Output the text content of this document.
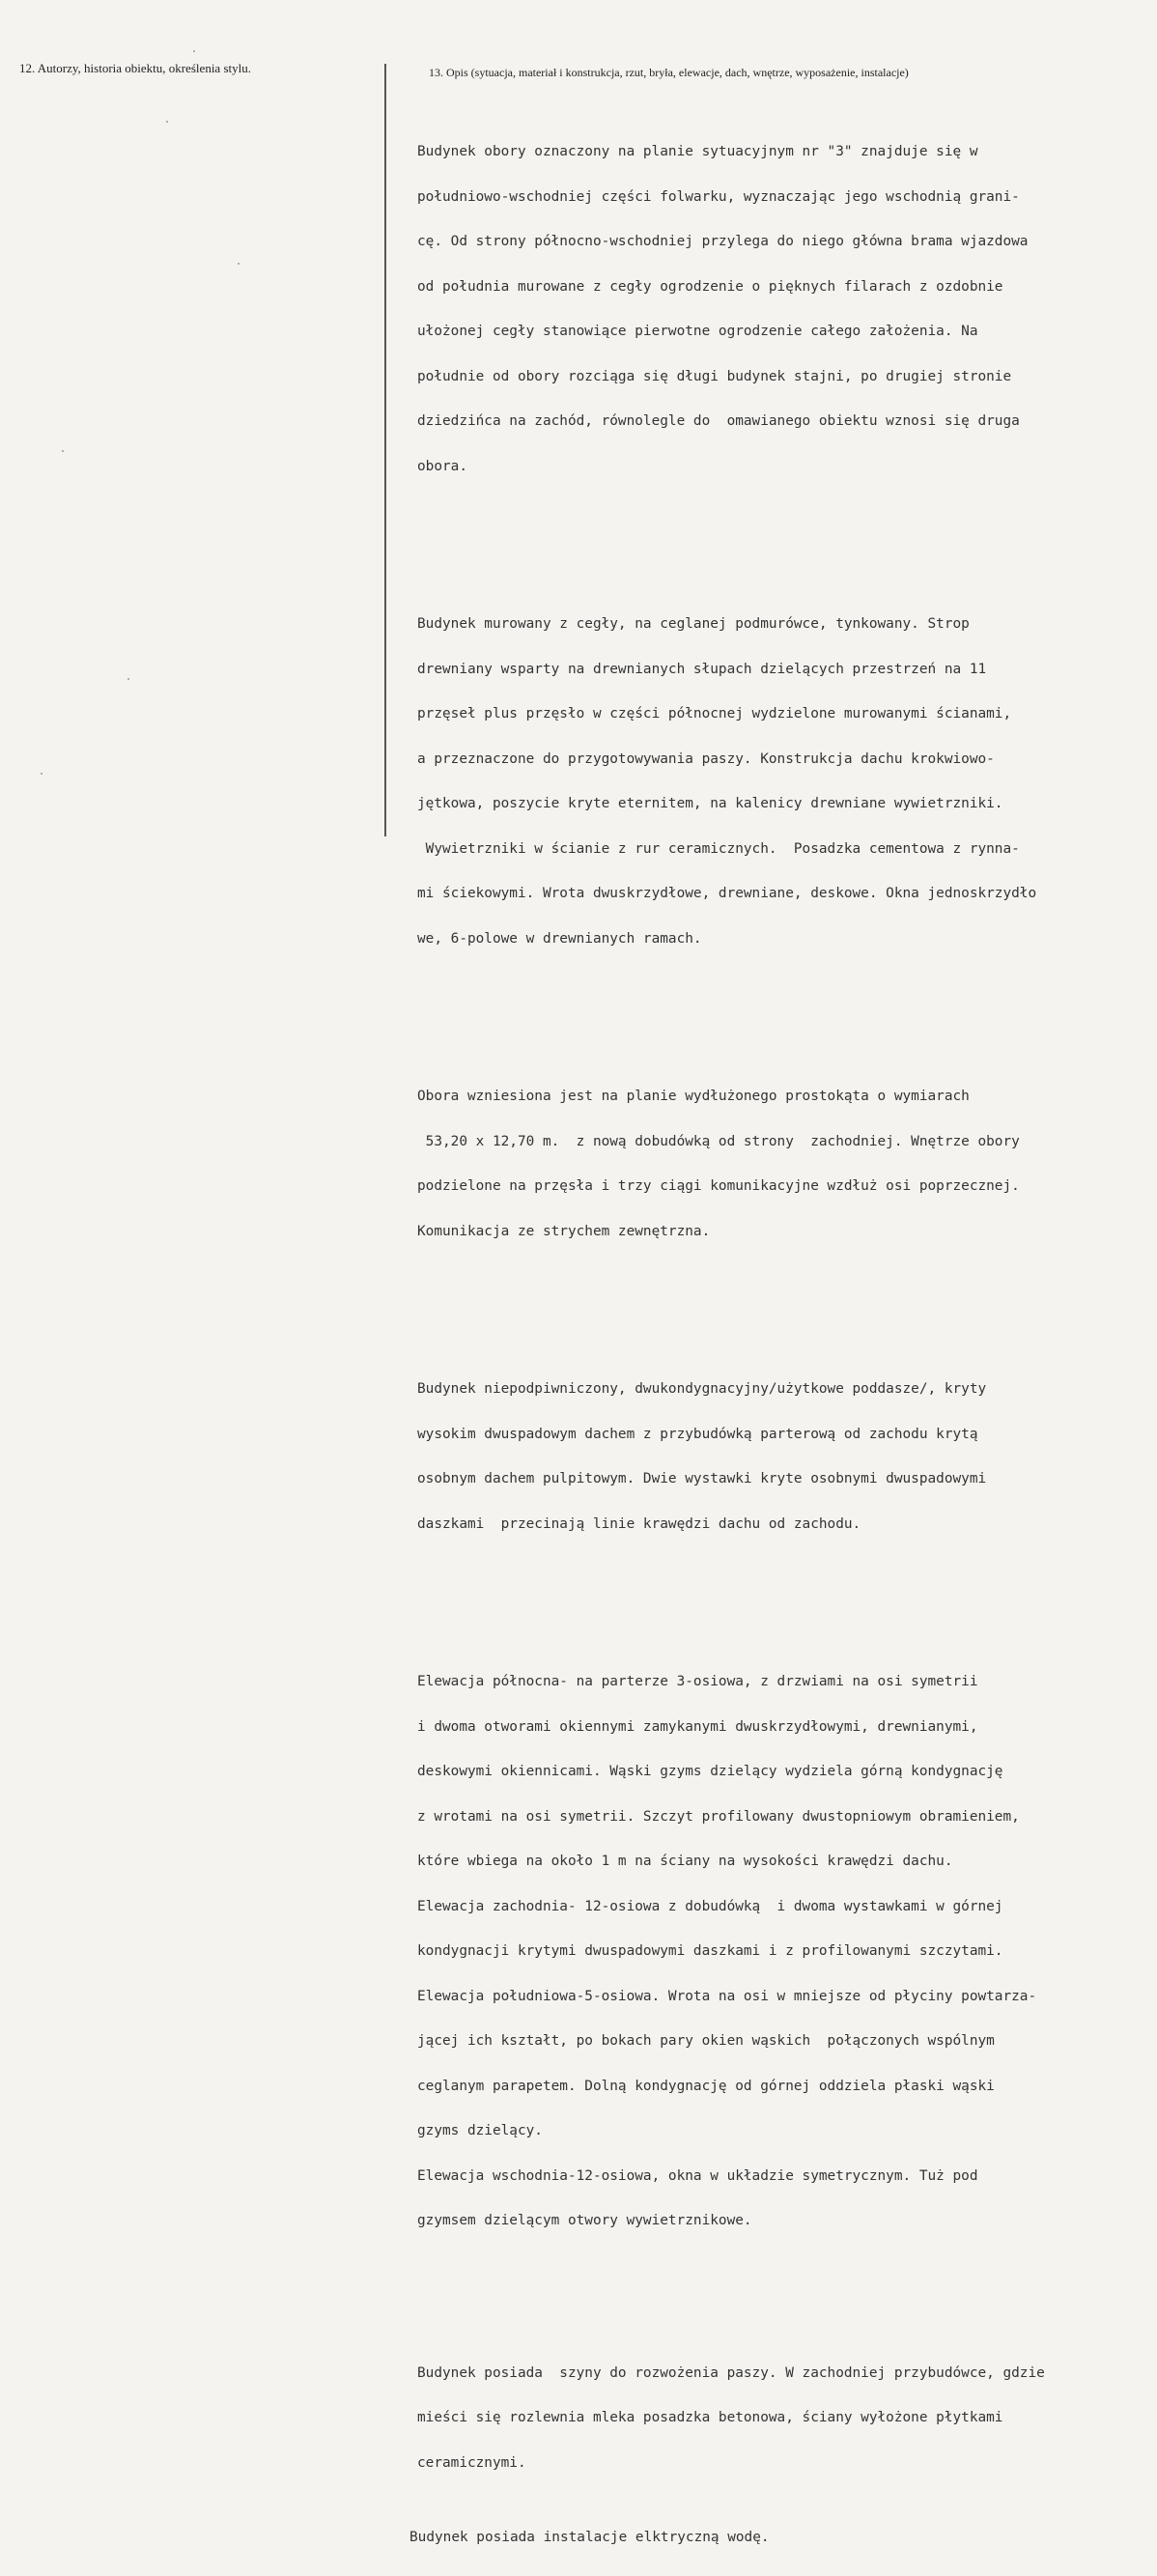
12. Autorzy, historia obiektu, określenia stylu.	13. Opis (sytuacja, materiał i konstrukcja, rzut, bryła, elewacje, dach, wnętrze, wyposażenie, instalacje)

Budynek obory oznaczony na planie sytuacyjnym nr "3" znajduje się w

południowo-wschodniej części folwarku, wyznaczając jego wschodnią grani-

cę. Od strony północno-wschodniej przylega do niego główna brama wjazdowa

od południa murowane z cegły ogrodzenie o pięknych filarach z ozdobnie

ułożonej cegły stanowiące pierwotne ogrodzenie całego założenia. Na

południe od obory rozciąga się długi budynek stajni, po drugiej stronie

dziedzińca na zachód, równolegle do  omawianego obiektu wznosi się druga

obora.

Budynek murowany z cegły, na ceglanej podmurówce, tynkowany. Strop

drewniany wsparty na drewnianych słupach dzielących przestrzeń na 11

przęseł plus przęsło w części północnej wydzielone murowanymi ścianami,

a przeznaczone do przygotowywania paszy. Konstrukcja dachu krokwiowo-

jętkowa, poszycie kryte eternitem, na kalenicy drewniane wywietrzniki.

Wywietrzniki w ścianie z rur ceramicznych.  Posadzka cementowa z rynna-

mi ściekowymi. Wrota dwuskrzydłowe, drewniane, deskowe. Okna jednoskrzydło

we, 6-polowe w drewnianych ramach.

Obora wzniesiona jest na planie wydłużonego prostokąta o wymiarach

53,20 x 12,70 m.  z nową dobudówką od strony  zachodniej. Wnętrze obory

podzielone na przęsła i trzy ciągi komunikacyjne wzdłuż osi poprzecznej.

Komunikacja ze strychem zewnętrzna.

Budynek niepodpiwniczony, dwukondygnacyjny/użytkowe poddasze/, kryty

wysokim dwuspadowym dachem z przybudówką parterową od zachodu krytą

osobnym dachem pulpitowym. Dwie wystawki kryte osobnymi dwuspadowymi

daszkami  przecinają linie krawędzi dachu od zachodu.

Elewacja północna- na parterze 3-osiowa, z drzwiami na osi symetrii

i dwoma otworami okiennymi zamykanymi dwuskrzydłowymi, drewnianymi,

deskowymi okiennicami. Wąski gzyms dzielący wydziela górną kondygnację

z wrotami na osi symetrii. Szczyt profilowany dwustopniowym obramieniem,

które wbiega na około 1 m na ściany na wysokości krawędzi dachu.

Elewacja zachodnia- 12-osiowa z dobudówką  i dwoma wystawkami w górnej

kondygnacji krytymi dwuspadowymi daszkami i z profilowanymi szczytami.

Elewacja południowa-5-osiowa. Wrota na osi w mniejsze od płyciny powtarza-

jącej ich kształt, po bokach pary okien wąskich  połączonych wspólnym

ceglanym parapetem. Dolną kondygnację od górnej oddziela płaski wąski

gzyms dzielący.

Elewacja wschodnia-12-osiowa, okna w układzie symetrycznym. Tuż pod

gzymsem dzielącym otwory wywietrznikowe.

Budynek posiada  szyny do rozwożenia paszy. W zachodniej przybudówce, gdzie

mieści się rozlewnia mleka posadzka betonowa, ściany wyłożone płytkami

ceramicznymi.

Budynek posiada instalacje elktryczną wodę.
